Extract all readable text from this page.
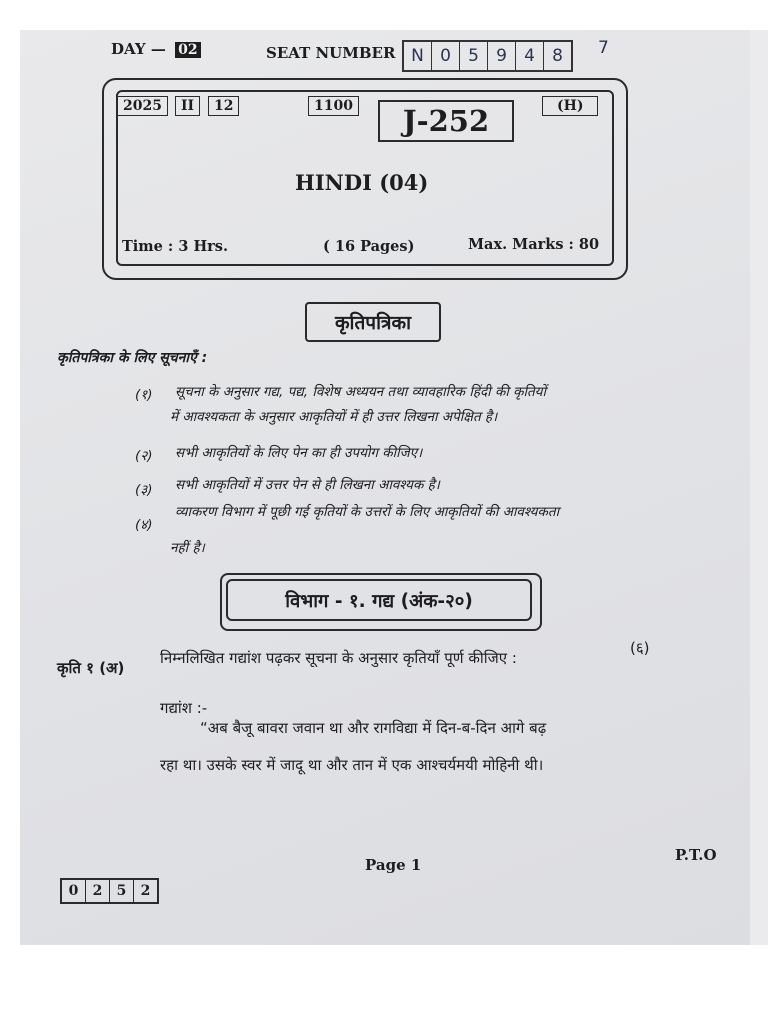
DAY — 02	SEAT NUMBER N 0	5	9	4	8	7
2025	II	12	1100	J-252	(H)
HINDI (04)
Time : 3 Hrs.	( 16 Pages)	Max. Marks : 80
कृतिपत्रिका
कृतिपत्रिका के लिए सूचनाएँ :
(१) सूचना के अनुसार गद्य, पद्य, विशेष अध्ययन तथा व्यावहारिक हिंदी की कृतियों
में आवश्यकता के अनुसार आकृतियों में ही उत्तर लिखना अपेक्षित है।
(२) सभी आकृतियों के लिए पेन का ही उपयोग कीजिए।
(३) सभी आकृतियों में उत्तर पेन से ही लिखना आवश्यक है।
(४)
व्याकरण विभाग में पूछी गई कृतियों के उत्तरों के लिए आकृतियों की आवश्यकता
नहीं है।
विभाग - १. गद्य (अंक-२०)
कृति १ (अ)
निम्नलिखित गद्यांश पढ़कर सूचना के अनुसार कृतियाँ पूर्ण कीजिए :
(६)
गद्यांश :-
“अब बैजू बावरा जवान था और रागविद्या में दिन-ब-दिन आगे बढ़
रहा था। उसके स्वर में जादू था और तान में एक आश्चर्यमयी मोहिनी थी।
Page 1
P.T.O
0	2	5	2
